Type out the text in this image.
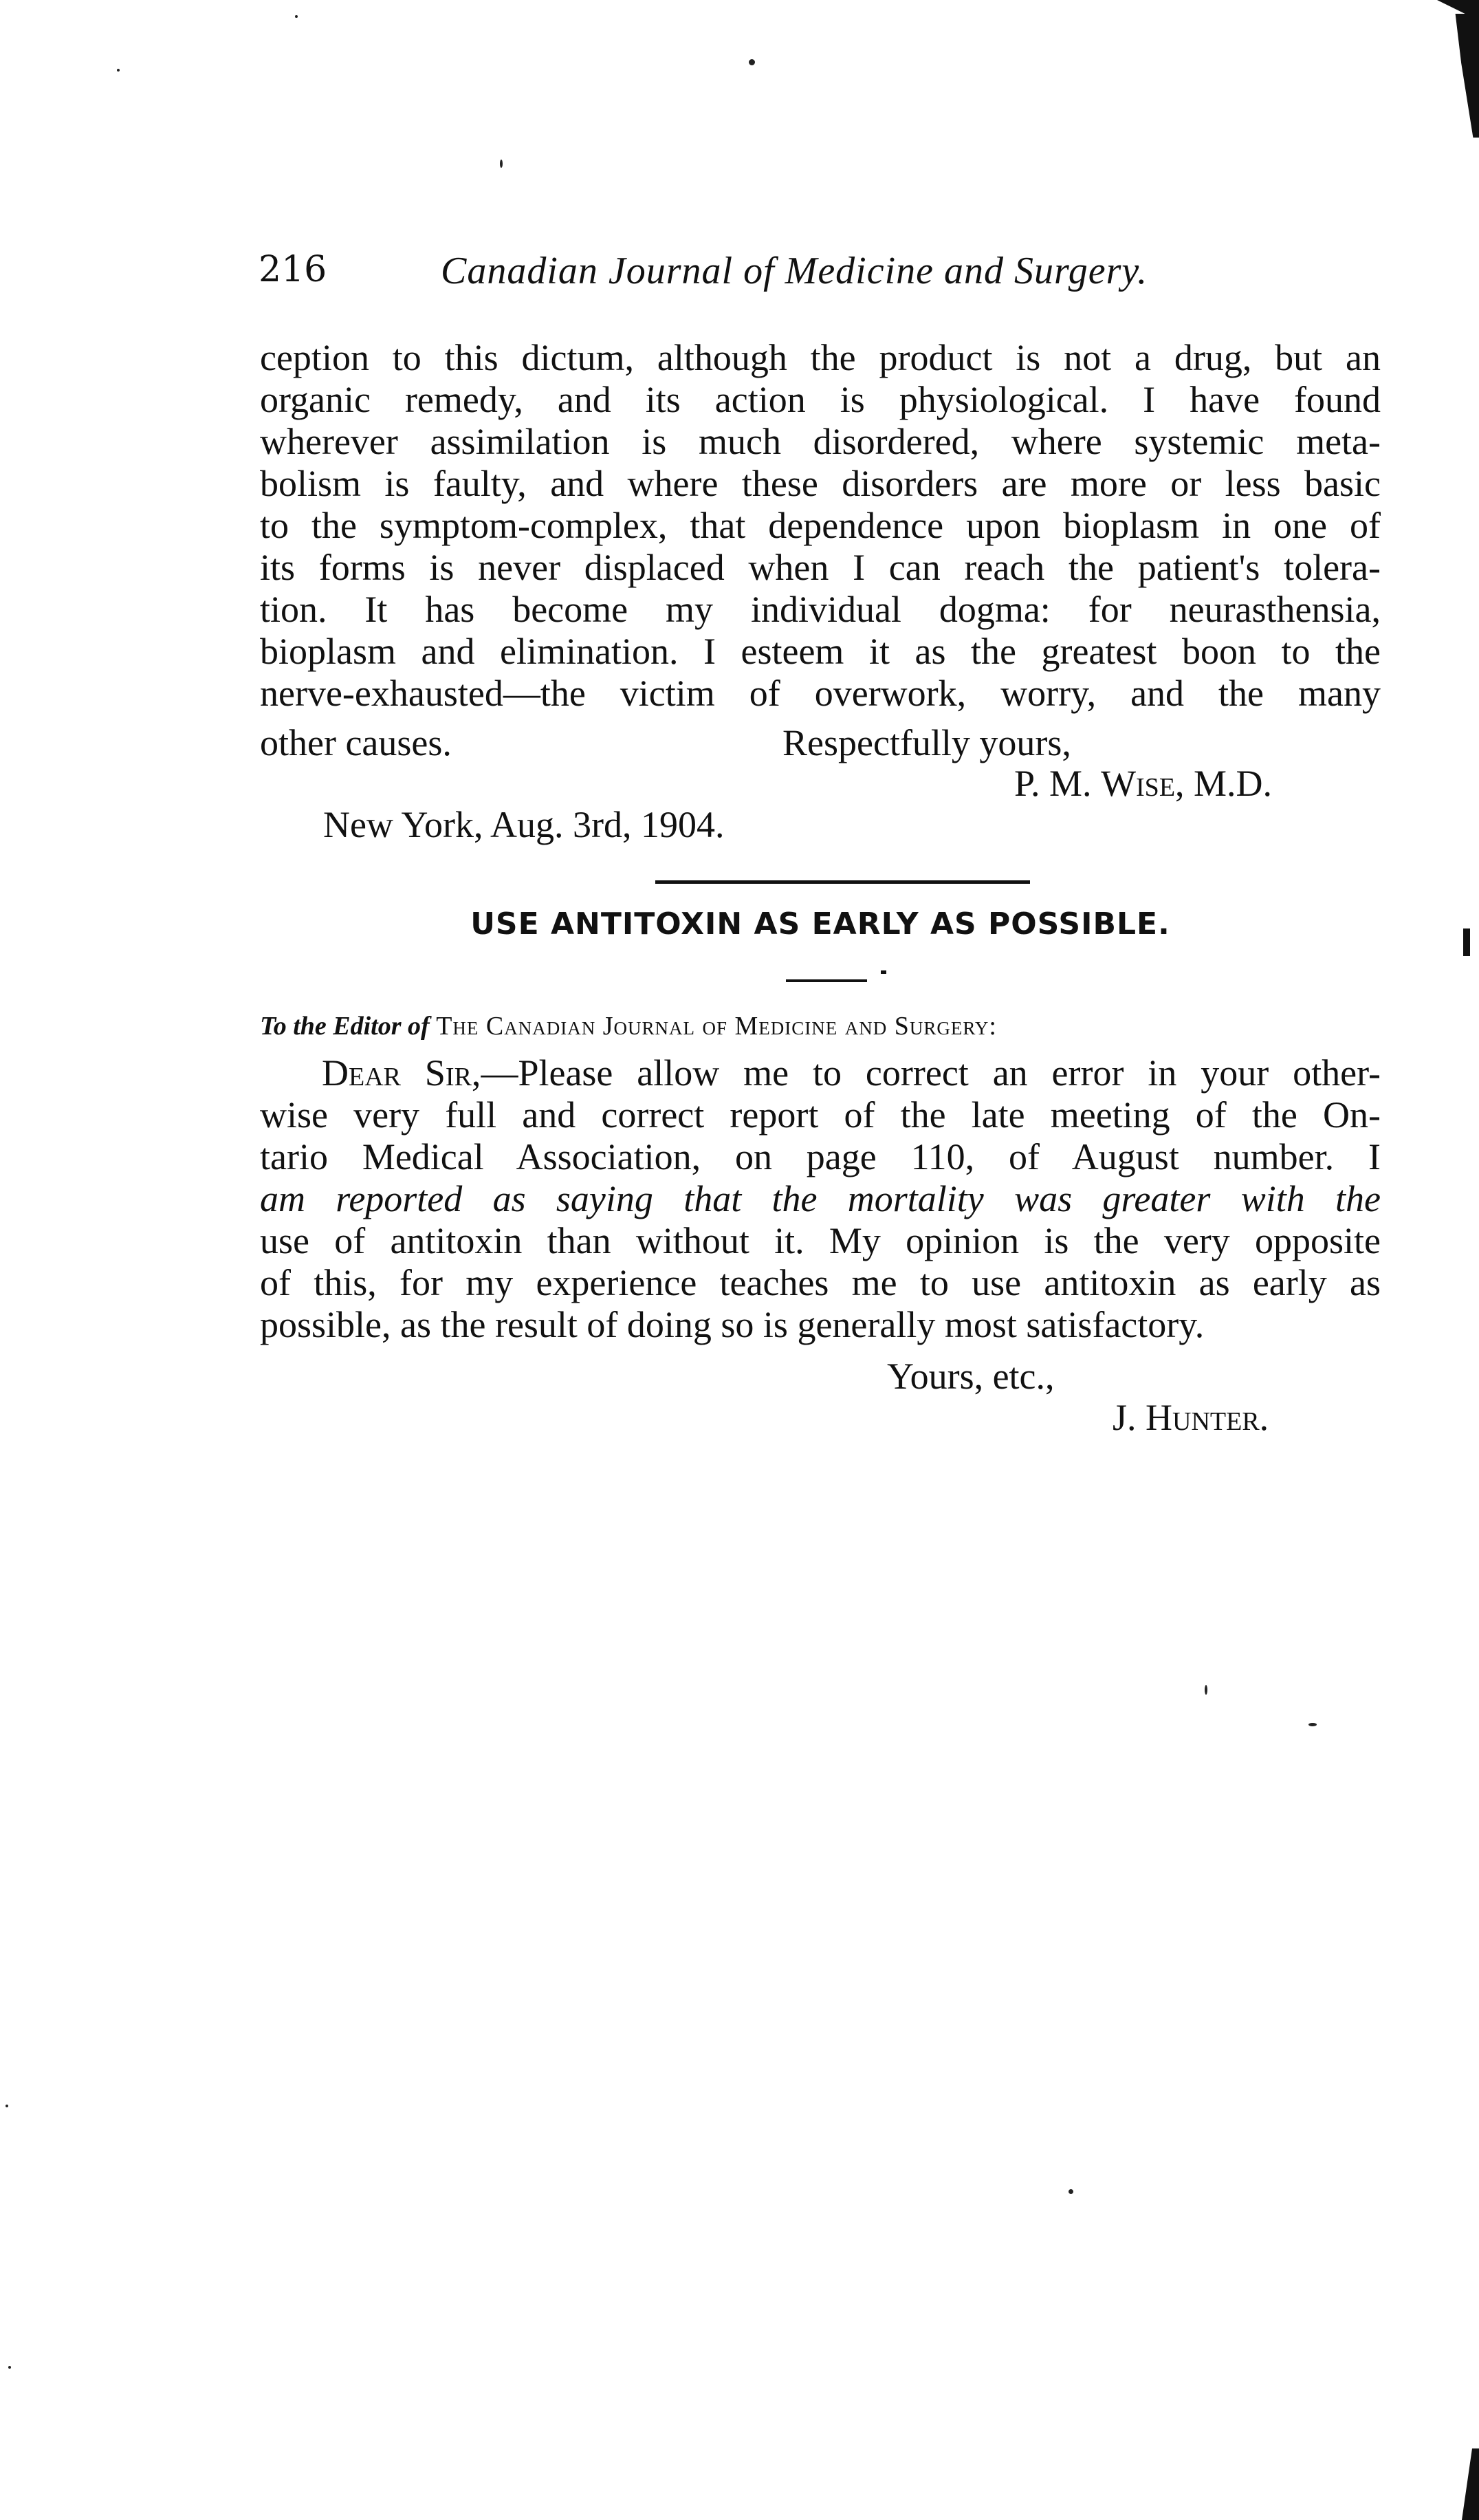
216	Canadian Journal of Medicine and Surgery.
ception to this dictum, although the product is not a drug, but an
organic remedy, and its action is physiological. I have found
wherever assimilation is much disordered, where systemic meta-
bolism is faulty, and where these disorders are more or less basic
to the symptom-complex, that dependence upon bioplasm in one of
its forms is never displaced when I can reach the patient's tolera-
tion. It has become my individual dogma: for neurasthensia,
bioplasm and elimination. I esteem it as the greatest boon to the
nerve-exhausted—the victim of overwork, worry, and the many
other causes.	Respectfully yours,
P. M. Wise, M.D.
New York, Aug. 3rd, 1904.
USE ANTITOXIN AS EARLY AS POSSIBLE.
To the Editor of The Canadian Journal of Medicine and Surgery:
Dear Sir,—Please allow me to correct an error in your other-
wise very full and correct report of the late meeting of the On-
tario Medical Association, on page 110, of August number. I
am reported as saying that the mortality was greater with the
use of antitoxin than without it. My opinion is the very opposite
of this, for my experience teaches me to use antitoxin as early as
possible, as the result of doing so is generally most satisfactory.
Yours, etc.,
J. Hunter.
